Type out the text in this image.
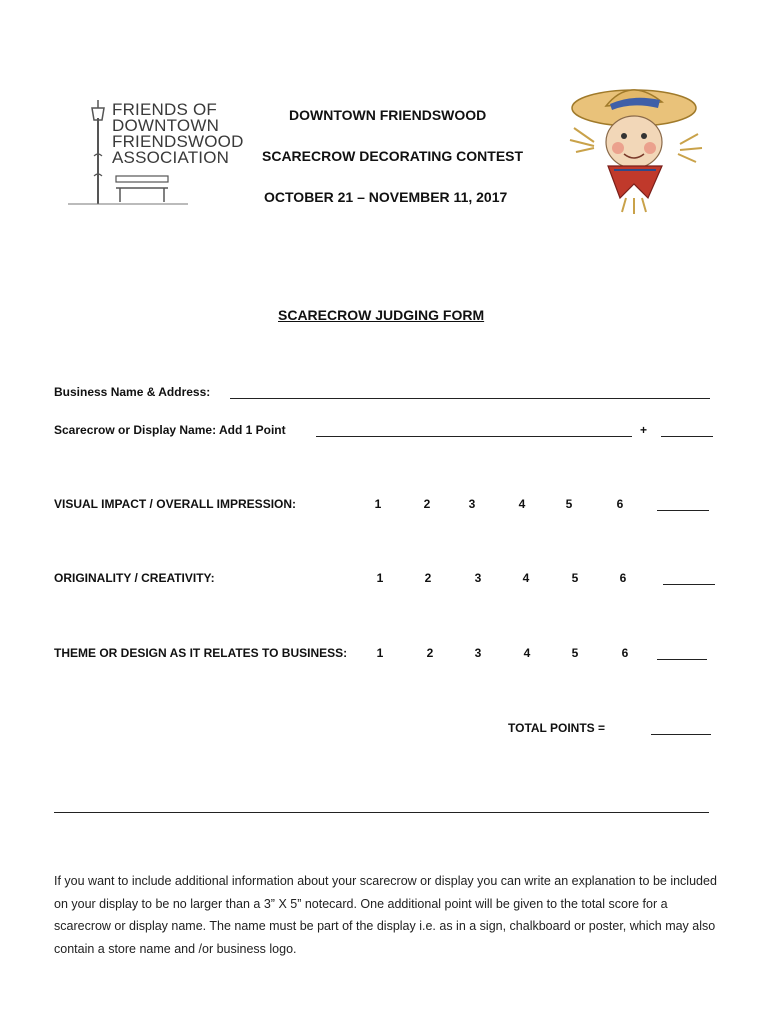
FRIENDS OF
DOWNTOWN
FRIENDSWOOD
ASSOCIATION
DOWNTOWN FRIENDSWOOD
SCARECROW DECORATING CONTEST
OCTOBER 21 – NOVEMBER 11, 2017
SCARECROW JUDGING FORM
Business Name & Address:
Scarecrow or Display Name: Add 1 Point	+
VISUAL IMPACT / OVERALL IMPRESSION:	1	2	3	4	5	6
ORIGINALITY / CREATIVITY:	1	2	3	4	5	6
THEME OR DESIGN AS IT RELATES TO BUSINESS:	1	2	3	4	5	6
TOTAL POINTS =
If you want to include additional information about your scarecrow or display you can write an explanation to be included on your display to be no larger than a 3” X 5” notecard. One additional point will be given to the total score for a scarecrow or display name. The name must be part of the display i.e. as in a sign, chalkboard or poster, which may also contain a store name and /or business logo.
